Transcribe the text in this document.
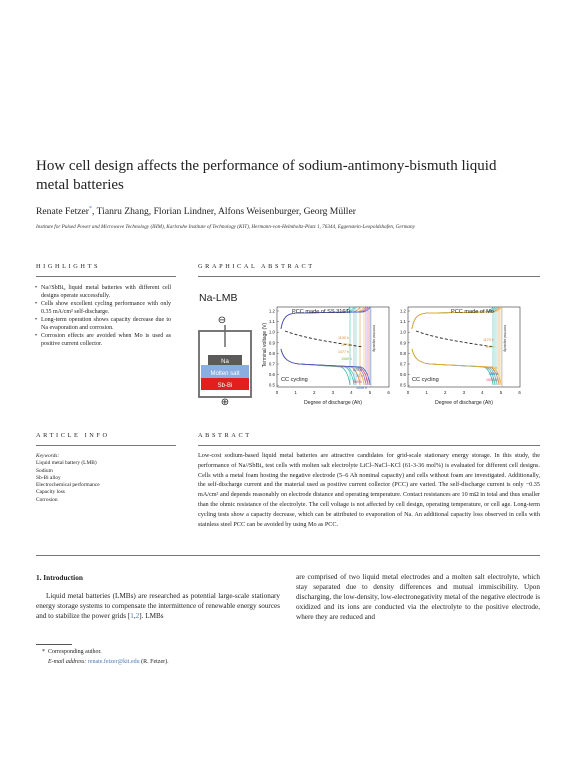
How cell design affects the performance of sodium-antimony-bismuth liquid metal batteries
Renate Fetzer*, Tianru Zhang, Florian Lindner, Alfons Weisenburger, Georg Müller
Institute for Pulsed Power and Microwave Technology (IHM), Karlsruhe Institute of Technology (KIT), Hermann-von-Helmholtz-Platz 1, 76344, Eggenstein-Leopoldshafen, Germany
HIGHLIGHTS
• Na//SbBi₉ liquid metal batteries with different cell designs operate successfully.
• Cells show excellent cycling performance with only 0.35 mA/cm² self-discharge.
• Long-term operation shows capacity decrease due to Na evaporation and corrosion.
• Corrosion effects are avoided when Mo is used as positive current collector.
GRAPHICAL ABSTRACT
Na-LMB
⊖
Na
Molten salt
Sb-Bi
⊕
Terminal voltage (V)
1.2
1.1
1.0
0.9
0.8
0.7
0.6
0.5
0	1	2	3	4	5	6
nominal capacity
PCC made of SS 316Ti
CC cycling
1130 h
1270 h
1477 h
1585 h
470 h
30 h
960 h
1050 h
1.2
1.1
1.0
0.9
0.8
0.7
0.6
0.5
0	1	2	3	4	5	6
nominal capacity
PCC made of Mo
CC cycling
1170 h
840 h
1170 h
360 h
1000 h
Degree of discharge (Ah)	Degree of discharge (Ah)
ARTICLE INFO
Keywords:
Liquid metal battery (LMB)
Sodium
Sb-Bi alloy
Electrochemical performance
Capacity loss
Corrosion
ABSTRACT
Low-cost sodium-based liquid metal batteries are attractive candidates for grid-scale stationary energy storage. In this study, the performance of Na//SbBi₉ test cells with molten salt electrolyte LiCl–NaCl–KCl (61-3-36 mol%) is evaluated for different cell designs. Cells with a metal foam hosting the negative electrode (5–6 Ah nominal capacity) and cells without foam are investigated. Additionally, the self-discharge current and the material used as positive current collector (PCC) are varied. The self-discharge current is only −0.35 mA/cm² and depends reasonably on electrode distance and operating temperature. Contact resistances are 10 mΩ in total and thus smaller than the ohmic resistance of the electrolyte. The cell voltage is not affected by cell design, operating temperature, or cell age. Long-term cycling tests show a capacity decrease, which can be attributed to evaporation of Na. An additional capacity loss observed in cells with stainless steel PCC can be avoided by using Mo as PCC.
1. Introduction
Liquid metal batteries (LMBs) are researched as potential large-scale stationary energy storage systems to compensate the intermittence of renewable energy sources and to stabilize the power grids [1,2]. LMBs
are comprised of two liquid metal electrodes and a molten salt electrolyte, which stay separated due to density differences and mutual immiscibility. Upon discharging, the low-density, low-electronegativity metal of the negative electrode is oxidized and its ions are conducted via the electrolyte to the positive electrode, where they are reduced and
* Corresponding author.
E-mail address: renate.fetzer@kit.edu (R. Fetzer).
